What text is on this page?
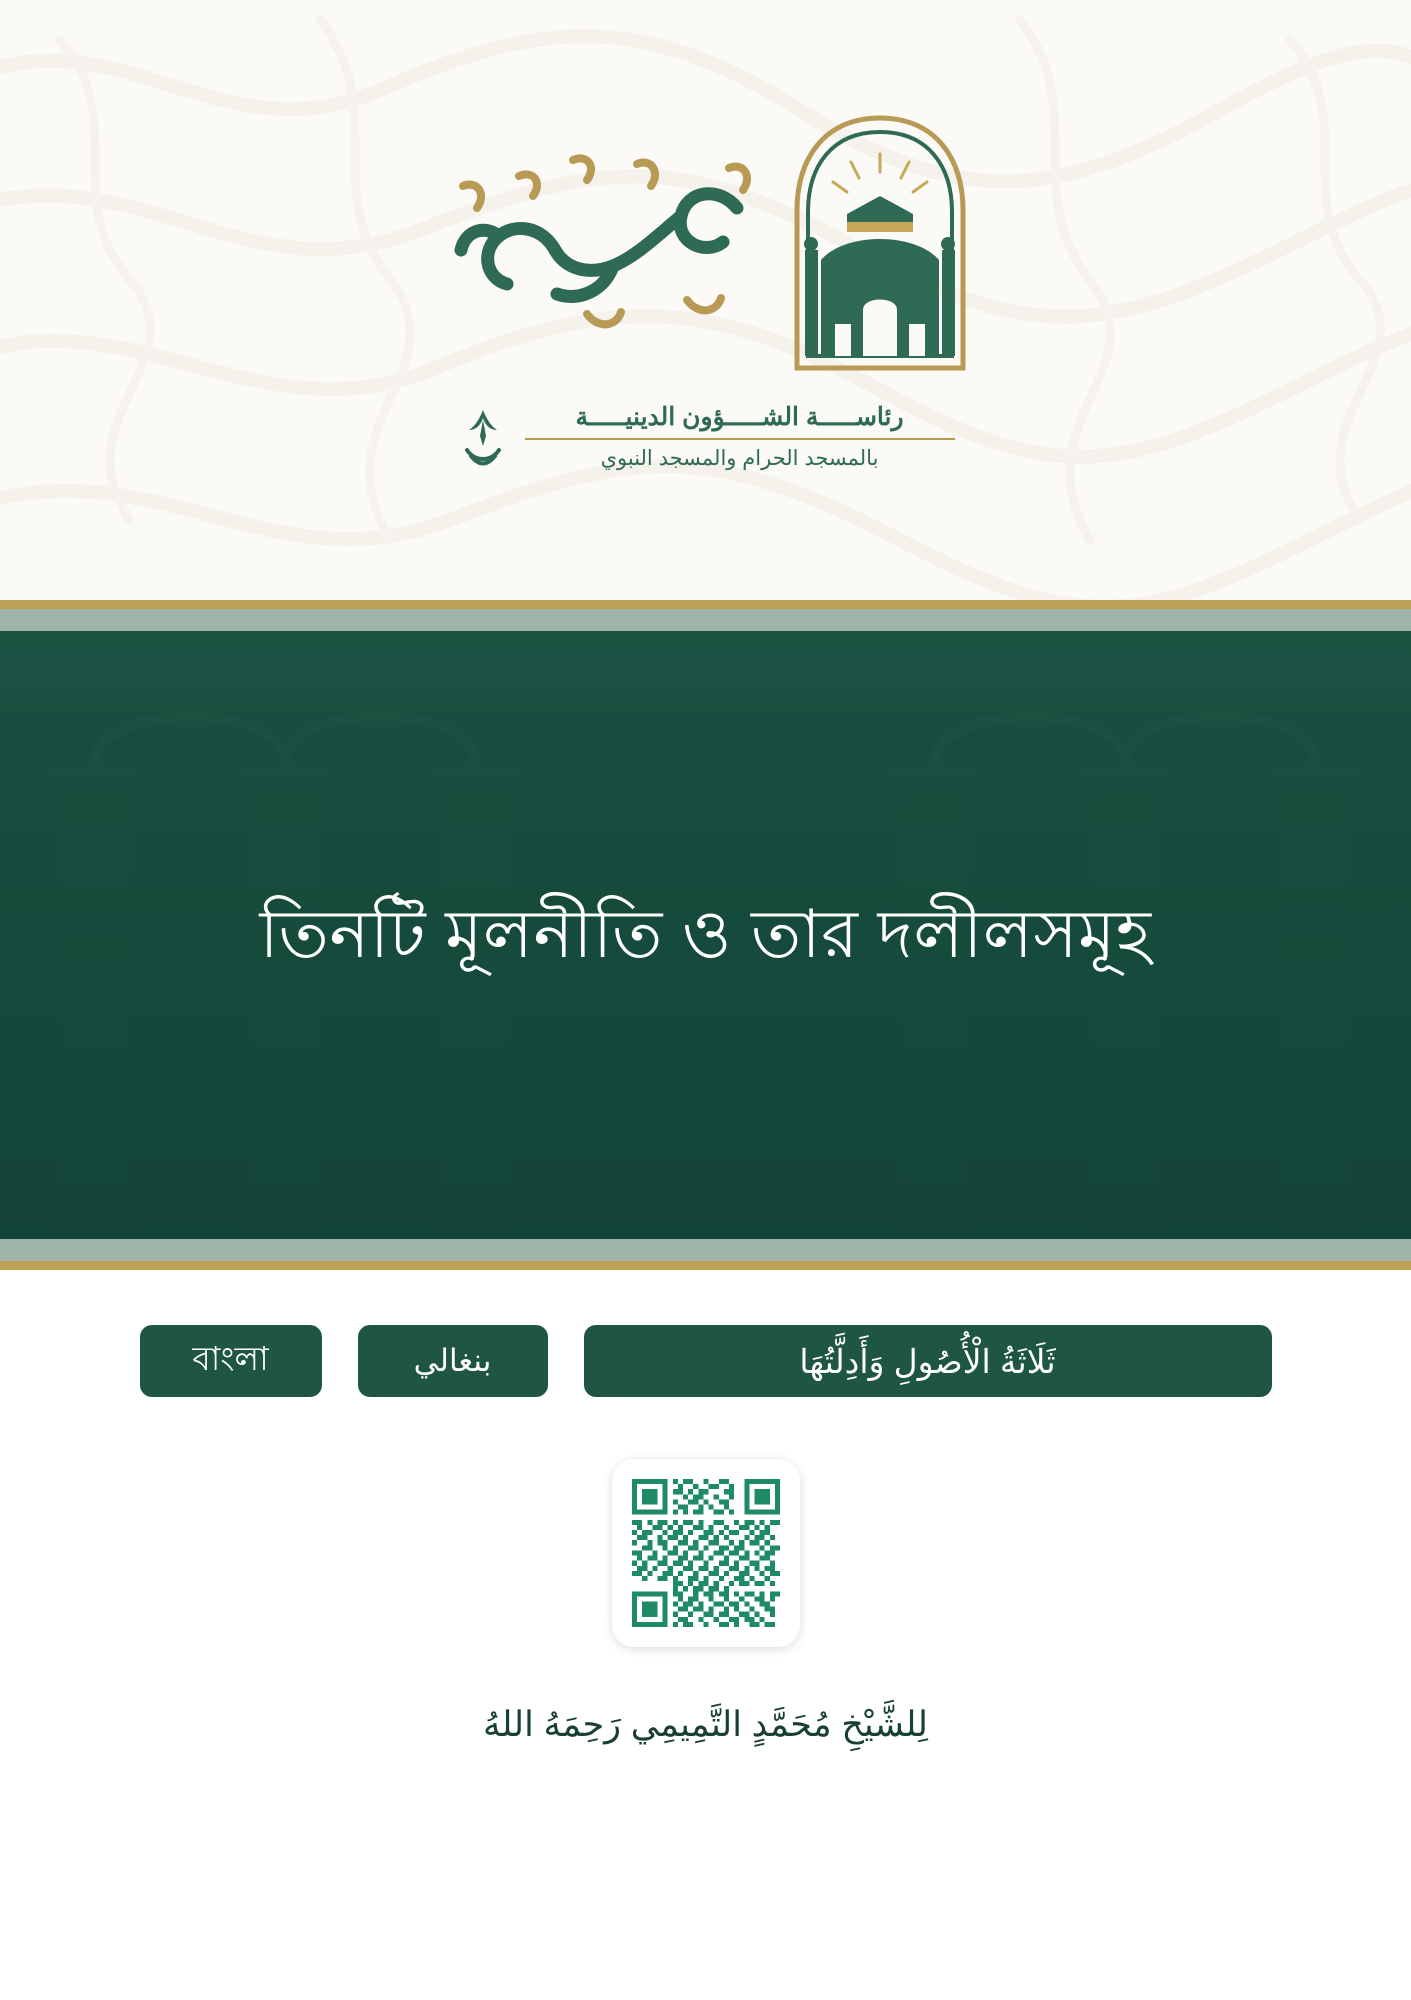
رئاســـــة الشـــــؤون الدينيـــــة
بالمسجد الحرام والمسجد النبوي
তিনটি মূলনীতি ও তার দলীলসমূহ
বাংলা	بنغالي	ثَلَاثَةُ الْأُصُولِ وَأَدِلَّتُهَا
لِلشَّيْخِ مُحَمَّدٍ التَّمِيمِي رَحِمَهُ اللهُ
